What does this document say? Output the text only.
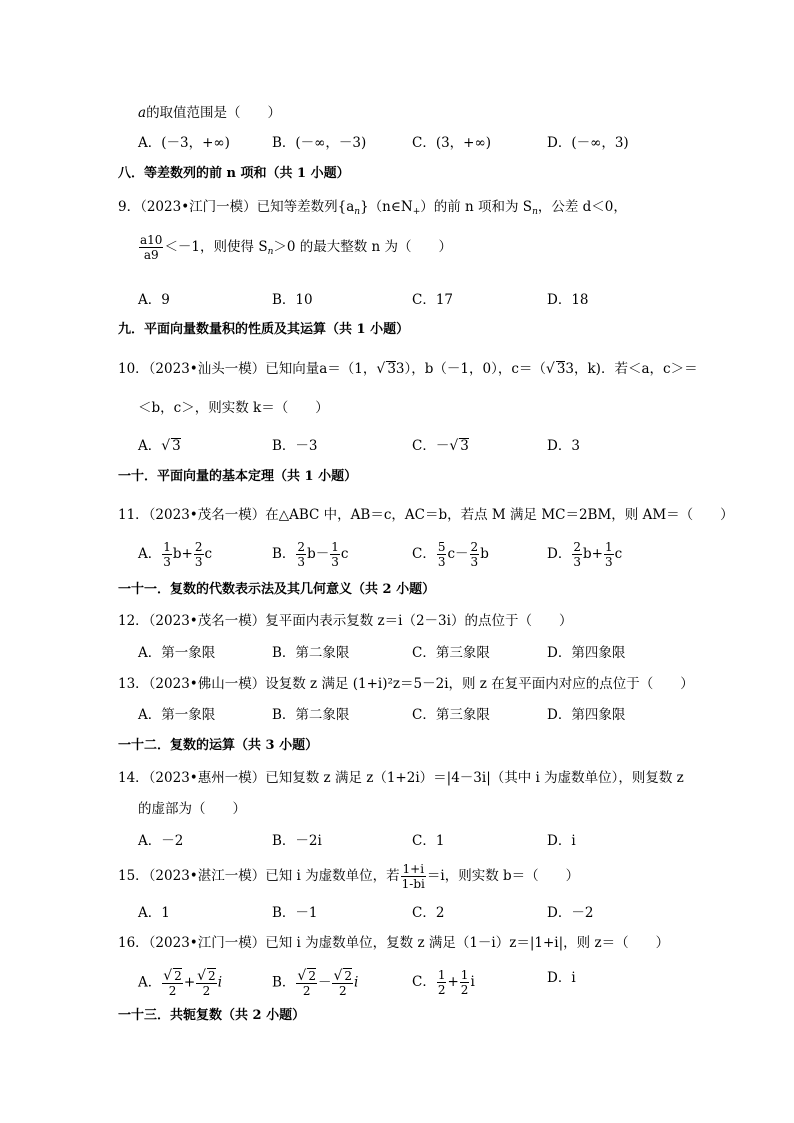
a的取值范围是（　　）
A．(－3，+∞)	B．(－∞，－3)	C．(3，+∞)	D．(－∞，3)
八．等差数列的前 n 项和（共 1 小题）
9．（2023•江门一模）已知等差数列$\{a_n\}(n\in N_+)$的前 n 项和为 $S_n$，公差 d＜0，
$\frac{a10}{a9} <-1$，则使得 $S_n>0$ 的最大整数 n 为（　　）
A．9	B．10	C．17	D．18
九．平面向量数量积的性质及其运算（共 1 小题）
10．（2023•汕头一模）已知向量a＝（1，√ 33），b（－1，0），c＝（√ 33，k)．若＜a，c＞＝
＜b，c＞，则实数 k＝（　　）
A．√ 3	B．－3	C．－√ 3	D．3
一十．平面向量的基本定理（共 1 小题）
11．（2023•茂名一模）在△ABC 中，AB＝c，AC＝b，若点 M 满足 MC＝2BM，则 AM＝（　　）
A． $\frac{1}{3} b+ \frac{2}{3}$ c	B． $\frac{2}{3} b- \frac{1}{3}$ c	C． $\frac{5}{3} c- \frac{2}{3}$ b	D． $\frac{2}{3} b+ \frac{1}{3}$ c
一十一．复数的代数表示法及其几何意义（共 2 小题）
12．（2023•茂名一模）复平面内表示复数 z＝i（2－3i）的点位于（　　）
A．第一象限	B．第二象限	C．第三象限	D．第四象限
13．（2023•佛山一模）设复数 z 满足 (1+i)²z＝5－2i，则 z 在复平面内对应的点位于（　　）
A．第一象限	B．第二象限	C．第三象限	D．第四象限
一十二．复数的运算（共 3 小题）
14．（2023•惠州一模）已知复数 z 满足 z（1+2i）＝|4－3i|（其中 i 为虚数单位），则复数 z
的虚部为（　　）
A．－2	B．－2i	C．1	D．i
15．（2023•湛江一模）已知 i 为虚数单位，若 $\frac{1+i}{1-bi} =i$，则实数 b＝（　　）
A．1	B．－1	C．2	D．－2
16．（2023•江门一模）已知 i 为虚数单位，复数 z 满足（1－i）z＝|1+i|，则 z＝（　　）
A． $\frac{√ 2}{2} + \frac{√ 2}{2}$ i	B． $\frac{√ 2}{2} - \frac{√ 2}{2}$ i	C． $\frac{1}{2} + \frac{1}{2}$ i	D．i
一十三．共轭复数（共 2 小题）
